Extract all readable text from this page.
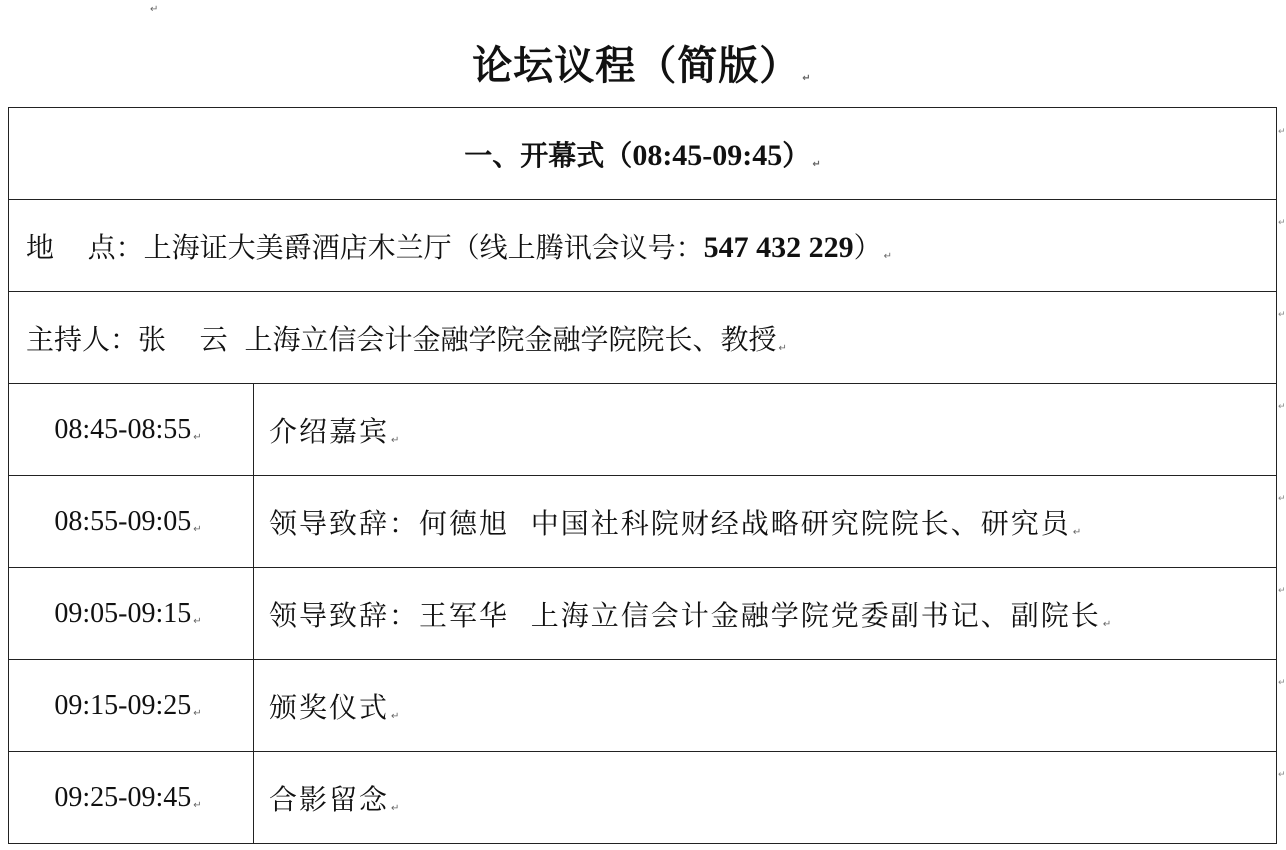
↵
论坛议程（简版） ↵
一、开幕式（08:45-09:45） ↵	
地 点：上海证大美爵酒店木兰厅（线上腾讯会议号：547 432 229） ↵	
主持人：张 云 上海立信会计金融学院金融学院院长、教授 ↵	
08:45-08:55 ↵	介绍嘉宾 ↵
08:55-09:05 ↵	领导致辞：何德旭  中国社科院财经战略研究院院长、研究员 ↵
09:05-09:15 ↵	领导致辞：王军华  上海立信会计金融学院党委副书记、副院长 ↵
09:15-09:25 ↵	颁奖仪式 ↵
09:25-09:45 ↵	合影留念 ↵
↵
↵
↵
↵
↵
↵
↵
↵
